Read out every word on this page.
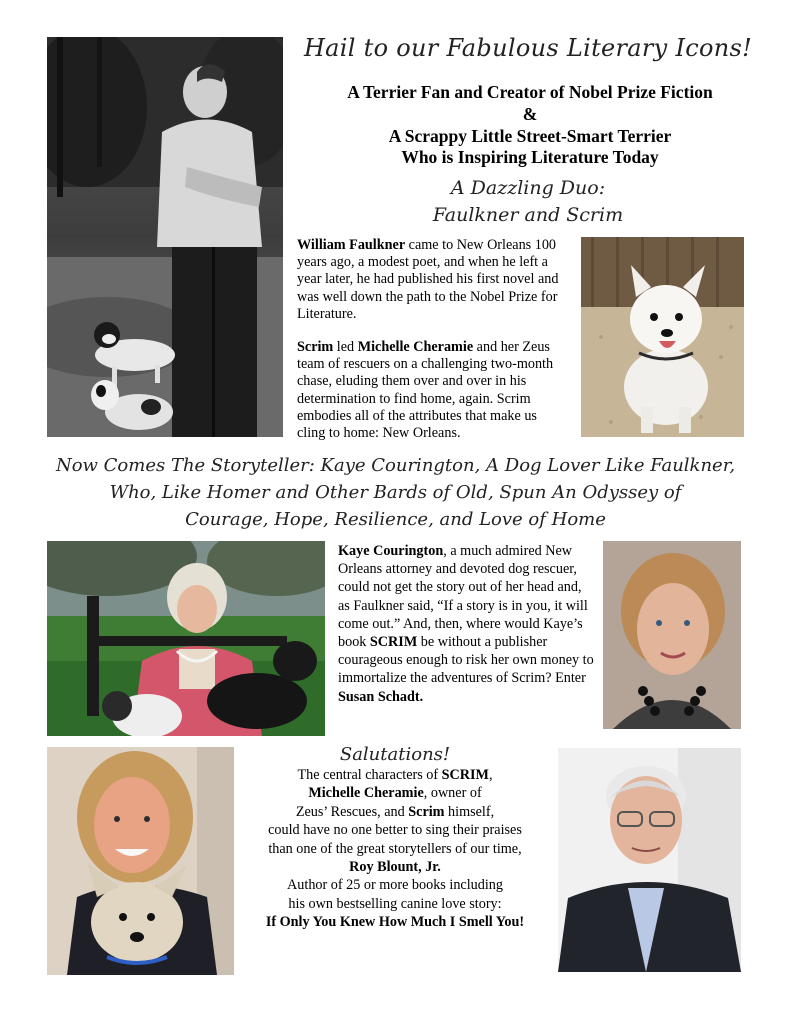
Hail to our Fabulous Literary Icons!
A Terrier Fan and Creator of Nobel Prize Fiction
&
A Scrappy Little Street-Smart Terrier
Who is Inspiring Literature Today
A Dazzling Duo:
Faulkner and Scrim
William Faulkner came to New Orleans 100 years ago, a modest poet, and when he left a year later, he had published his first novel and was well down the path to the Nobel Prize for Literature.
Scrim led Michelle Cheramie and her Zeus team of rescuers on a challenging two-month chase, eluding them over and over in his determination to find home, again. Scrim embodies all of the attributes that make us cling to home: New Orleans.
Now Comes The Storyteller: Kaye Courington, A Dog Lover Like Faulkner,
Who, Like Homer and Other Bards of Old, Spun An Odyssey of
Courage, Hope, Resilience, and Love of Home
Kaye Courington, a much admired New Orleans attorney and devoted dog rescuer, could not get the story out of her head and, as Faulkner said, “If a story is in you, it will come out.” And, then, where would Kaye’s book SCRIM be without a publisher courageous enough to risk her own money to immortalize the adventures of Scrim? Enter Susan Schadt.
Salutations!
The central characters of SCRIM,
Michelle Cheramie, owner of
Zeus’ Rescues, and Scrim himself,
could have no one better to sing their praises
than one of the great storytellers of our time,
Roy Blount, Jr.
Author of 25 or more books including
his own bestselling canine love story:
If Only You Knew How Much I Smell You!
